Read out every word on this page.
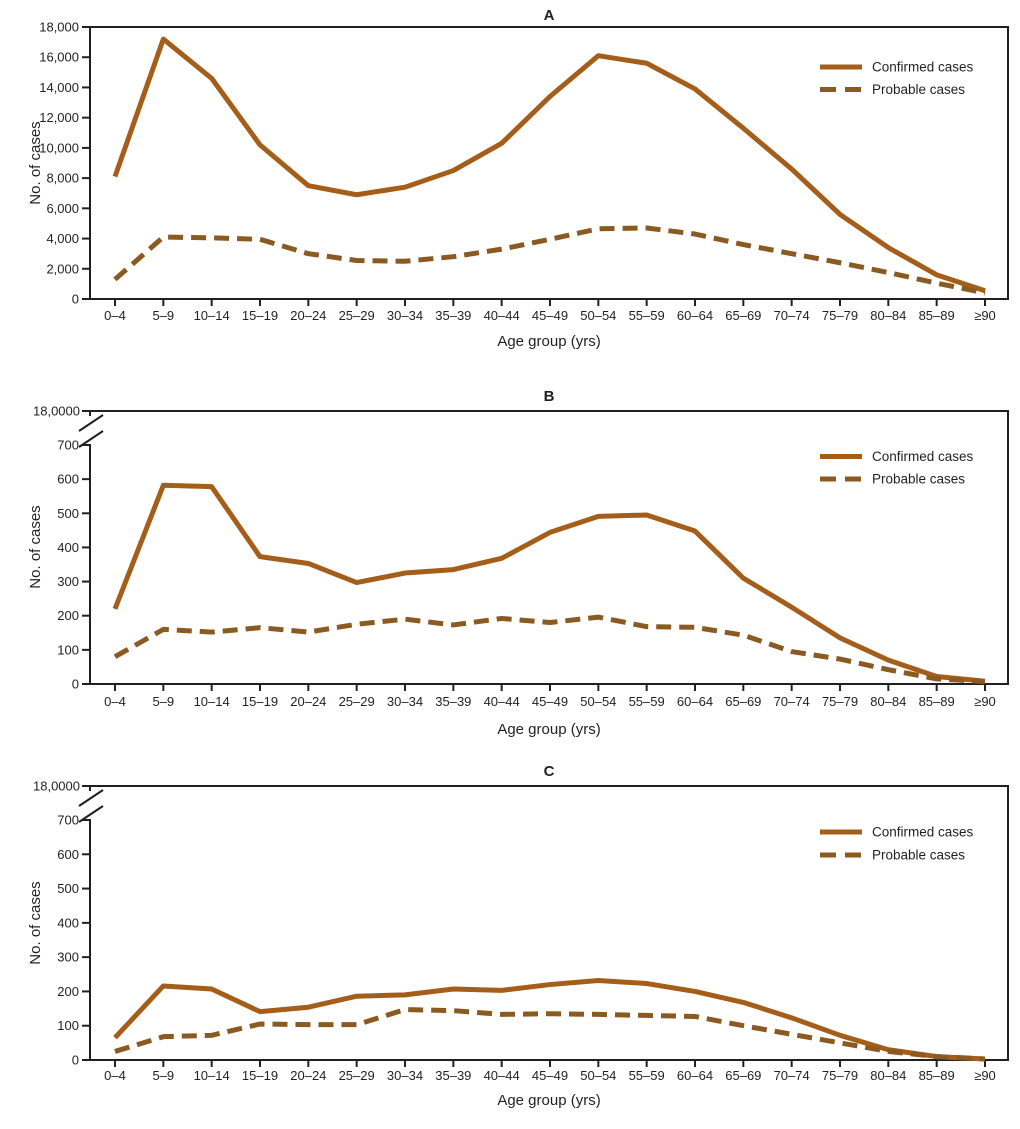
A
No. of cases
Age group (yrs)
0
2,000
4,000
6,000
8,000
10,000
12,000
14,000
16,000
18,000
0–4 5–9 10–14 15–19 20–24 25–29 30–34 35–39 40–44 45–49 50–54 55–59 60–64 65–69 70–74 75–79 80–84 85–89 ≥90
Confirmed cases
Probable cases
B
No. of cases
Age group (yrs)
18,0000
0
100
200
300
400
500
600
700
0–4 5–9 10–14 15–19 20–24 25–29 30–34 35–39 40–44 45–49 50–54 55–59 60–64 65–69 70–74 75–79 80–84 85–89 ≥90
Confirmed cases
Probable cases
C
No. of cases
Age group (yrs)
18,0000
0
100
200
300
400
500
600
700
0–4 5–9 10–14 15–19 20–24 25–29 30–34 35–39 40–44 45–49 50–54 55–59 60–64 65–69 70–74 75–79 80–84 85–89 ≥90
Confirmed cases
Probable cases
